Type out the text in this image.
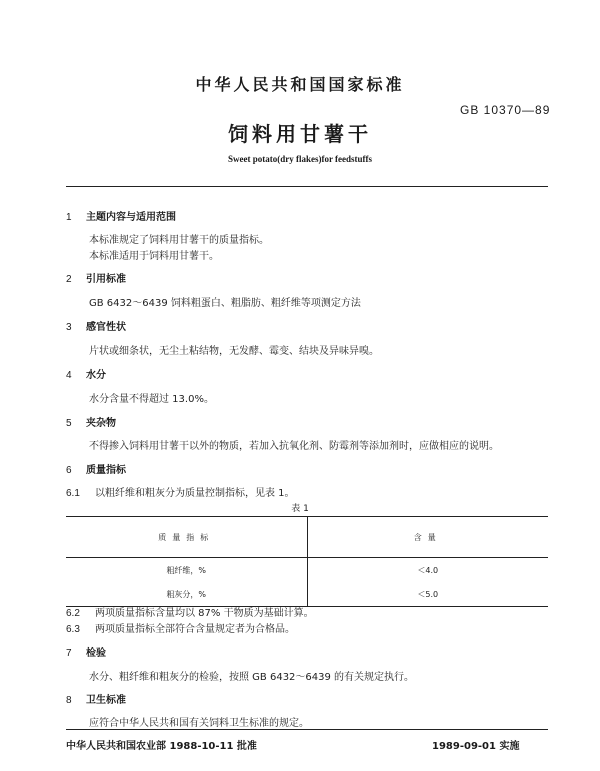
中华人民共和国国家标准
GB 10370—89
饲料用甘薯干
Sweet potato(dry flakes)for feedstuffs
1 主题内容与适用范围
本标准规定了饲料用甘薯干的质量指标。
本标准适用于饲料用甘薯干。
2 引用标准
GB 6432～6439 饲料粗蛋白、粗脂肪、粗纤维等项测定方法
3 感官性状
片状或细条状，无尘土粘结物，无发酵、霉变、结块及异味异嗅。
4 水分
水分含量不得超过 13.0%。
5 夹杂物
不得掺入饲料用甘薯干以外的物质，若加入抗氧化剂、防霉剂等添加剂时，应做相应的说明。
6 质量指标
6.1 以粗纤维和粗灰分为质量控制指标，见表 1。
表 1
质量指标	含量
粗纤维，%	＜4.0
粗灰分，%	＜5.0
6.2 两项质量指标含量均以 87% 干物质为基础计算。
6.3 两项质量指标全部符合含量规定者为合格品。
7 检验
水分、粗纤维和粗灰分的检验，按照 GB 6432～6439 的有关规定执行。
8 卫生标准
应符合中华人民共和国有关饲料卫生标准的规定。
中华人民共和国农业部 1988-10-11 批准	1989-09-01 实施
